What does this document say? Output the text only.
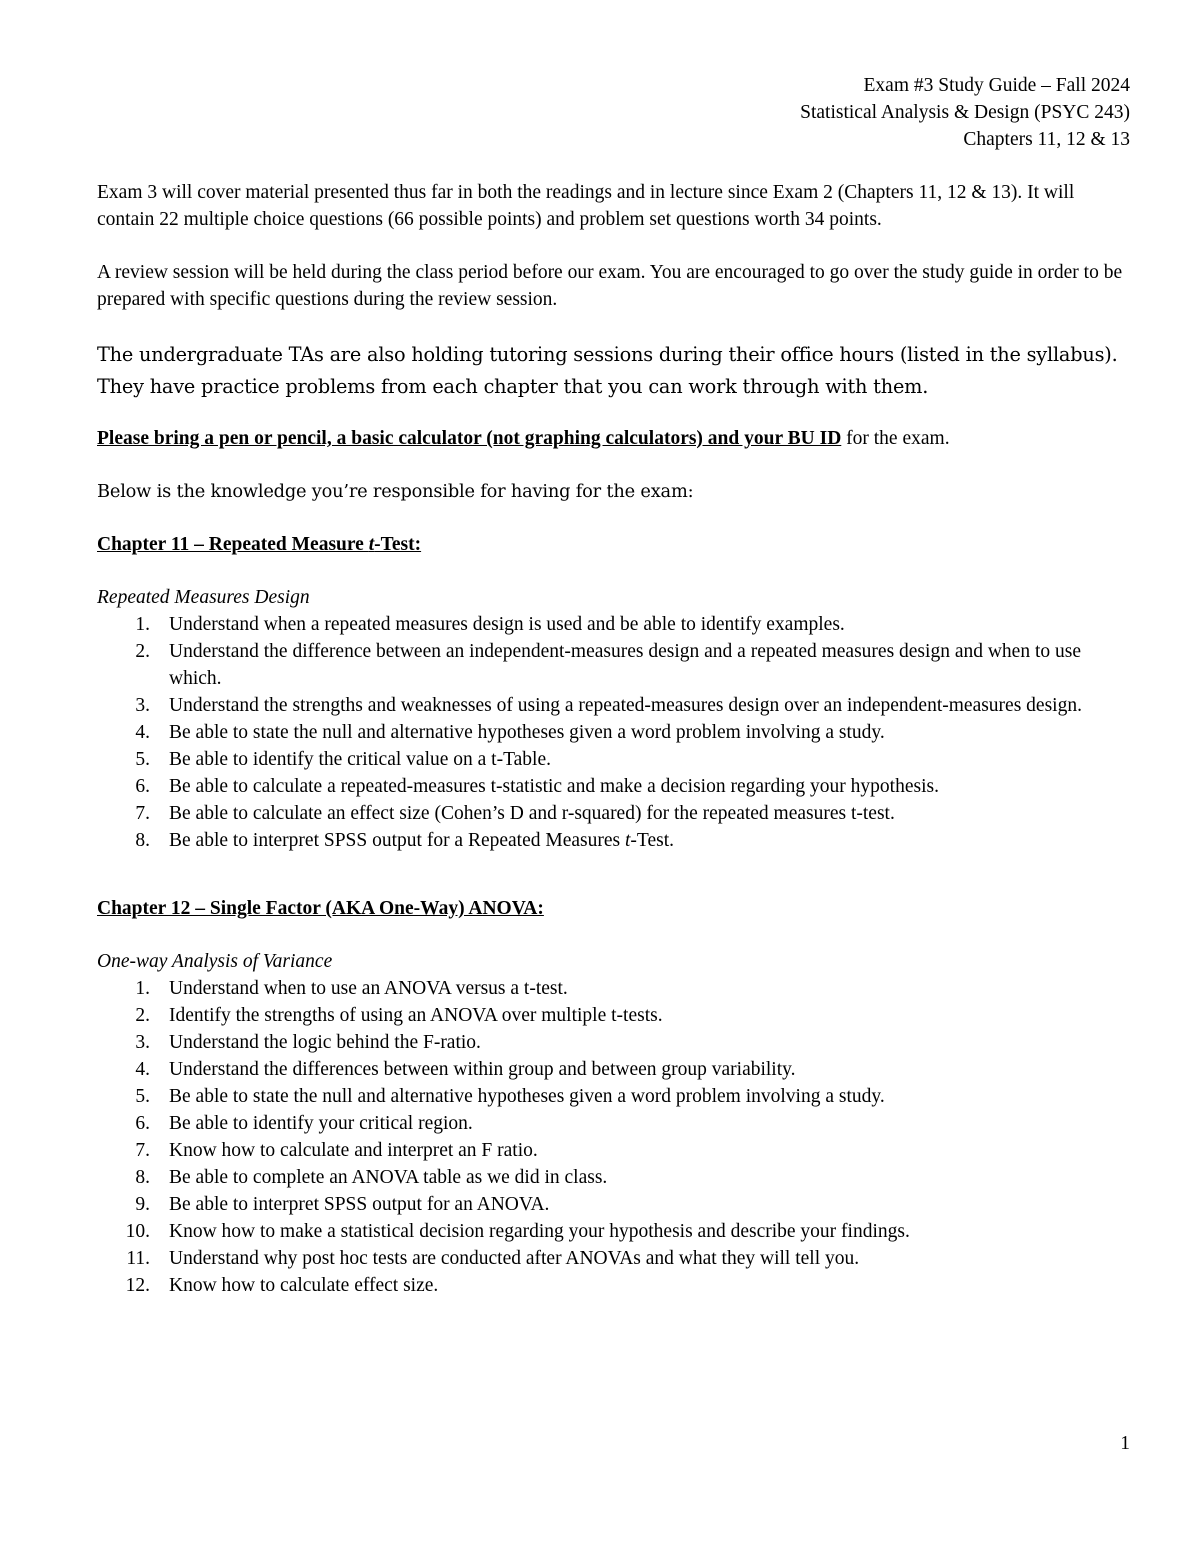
Exam #3 Study Guide – Fall 2024
Statistical Analysis & Design (PSYC 243)
Chapters 11, 12 & 13

Exam 3 will cover material presented thus far in both the readings and in lecture since Exam 2 (Chapters 11, 12 & 13). It will contain 22 multiple choice questions (66 possible points) and problem set questions worth 34 points.

A review session will be held during the class period before our exam. You are encouraged to go over the study guide in order to be prepared with specific questions during the review session.

The undergraduate TAs are also holding tutoring sessions during their office hours (listed in the syllabus). They have practice problems from each chapter that you can work through with them.

Please bring a pen or pencil, a basic calculator (not graphing calculators) and your BU ID for the exam.

Below is the knowledge you’re responsible for having for the exam:

Chapter 11 – Repeated Measure t-Test:

Repeated Measures Design

1. Understand when a repeated measures design is used and be able to identify examples.
2. Understand the difference between an independent-measures design and a repeated measures design and when to use which.
3. Understand the strengths and weaknesses of using a repeated-measures design over an independent-measures design.
4. Be able to state the null and alternative hypotheses given a word problem involving a study.
5. Be able to identify the critical value on a t-Table.
6. Be able to calculate a repeated-measures t-statistic and make a decision regarding your hypothesis.
7. Be able to calculate an effect size (Cohen’s D and r-squared) for the repeated measures t-test.
8. Be able to interpret SPSS output for a Repeated Measures t-Test.

Chapter 12 – Single Factor (AKA One-Way) ANOVA:

One-way Analysis of Variance

1. Understand when to use an ANOVA versus a t-test.
2. Identify the strengths of using an ANOVA over multiple t-tests.
3. Understand the logic behind the F-ratio.
4. Understand the differences between within group and between group variability.
5. Be able to state the null and alternative hypotheses given a word problem involving a study.
6. Be able to identify your critical region.
7. Know how to calculate and interpret an F ratio.
8. Be able to complete an ANOVA table as we did in class.
9. Be able to interpret SPSS output for an ANOVA.
10. Know how to make a statistical decision regarding your hypothesis and describe your findings.
11. Understand why post hoc tests are conducted after ANOVAs and what they will tell you.
12. Know how to calculate effect size.
1
